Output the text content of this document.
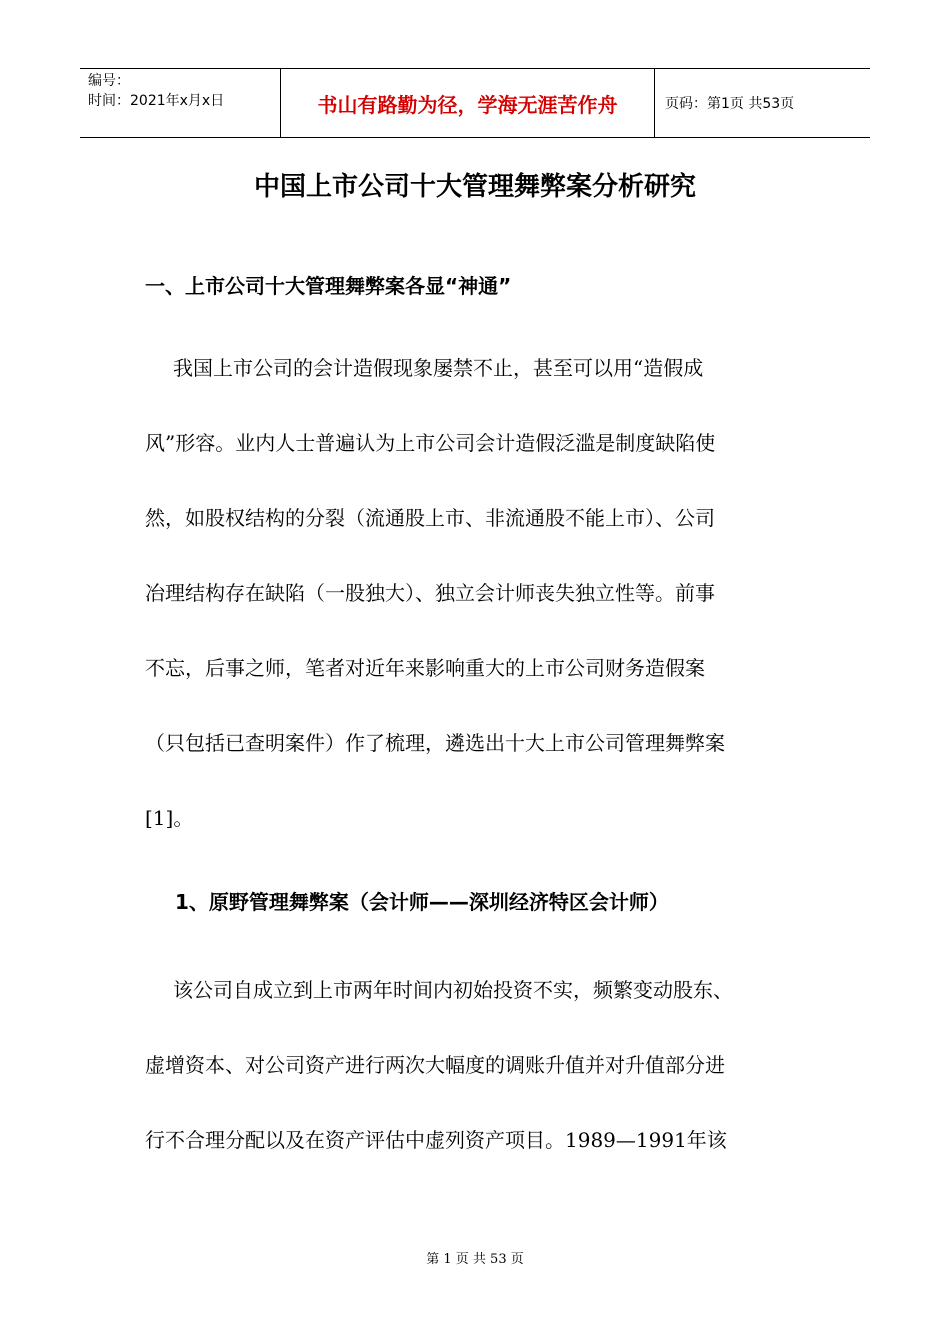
编号：
时间：2021年x月x日	书山有路勤为径，学海无涯苦作舟	页码：第1页 共53页
中国上市公司十大管理舞弊案分析研究
一、上市公司十大管理舞弊案各显“神通”
我国上市公司的会计造假现象屡禁不止，甚至可以用“造假成
风”形容。业内人士普遍认为上市公司会计造假泛滥是制度缺陷使
然，如股权结构的分裂（流通股上市、非流通股不能上市）、公司
冶理结构存在缺陷（一股独大）、独立会计师丧失独立性等。前事
不忘，后事之师，笔者对近年来影响重大的上市公司财务造假案
（只包括已查明案件）作了梳理，遴选出十大上市公司管理舞弊案
[1]。
1、原野管理舞弊案（会计师——深圳经济特区会计师）
该公司自成立到上市两年时间内初始投资不实，频繁变动股东、
虚增资本、对公司资产进行两次大幅度的调账升值并对升值部分进
行不合理分配以及在资产评估中虚列资产项目。1989—1991年该
第 1 页 共 53 页
